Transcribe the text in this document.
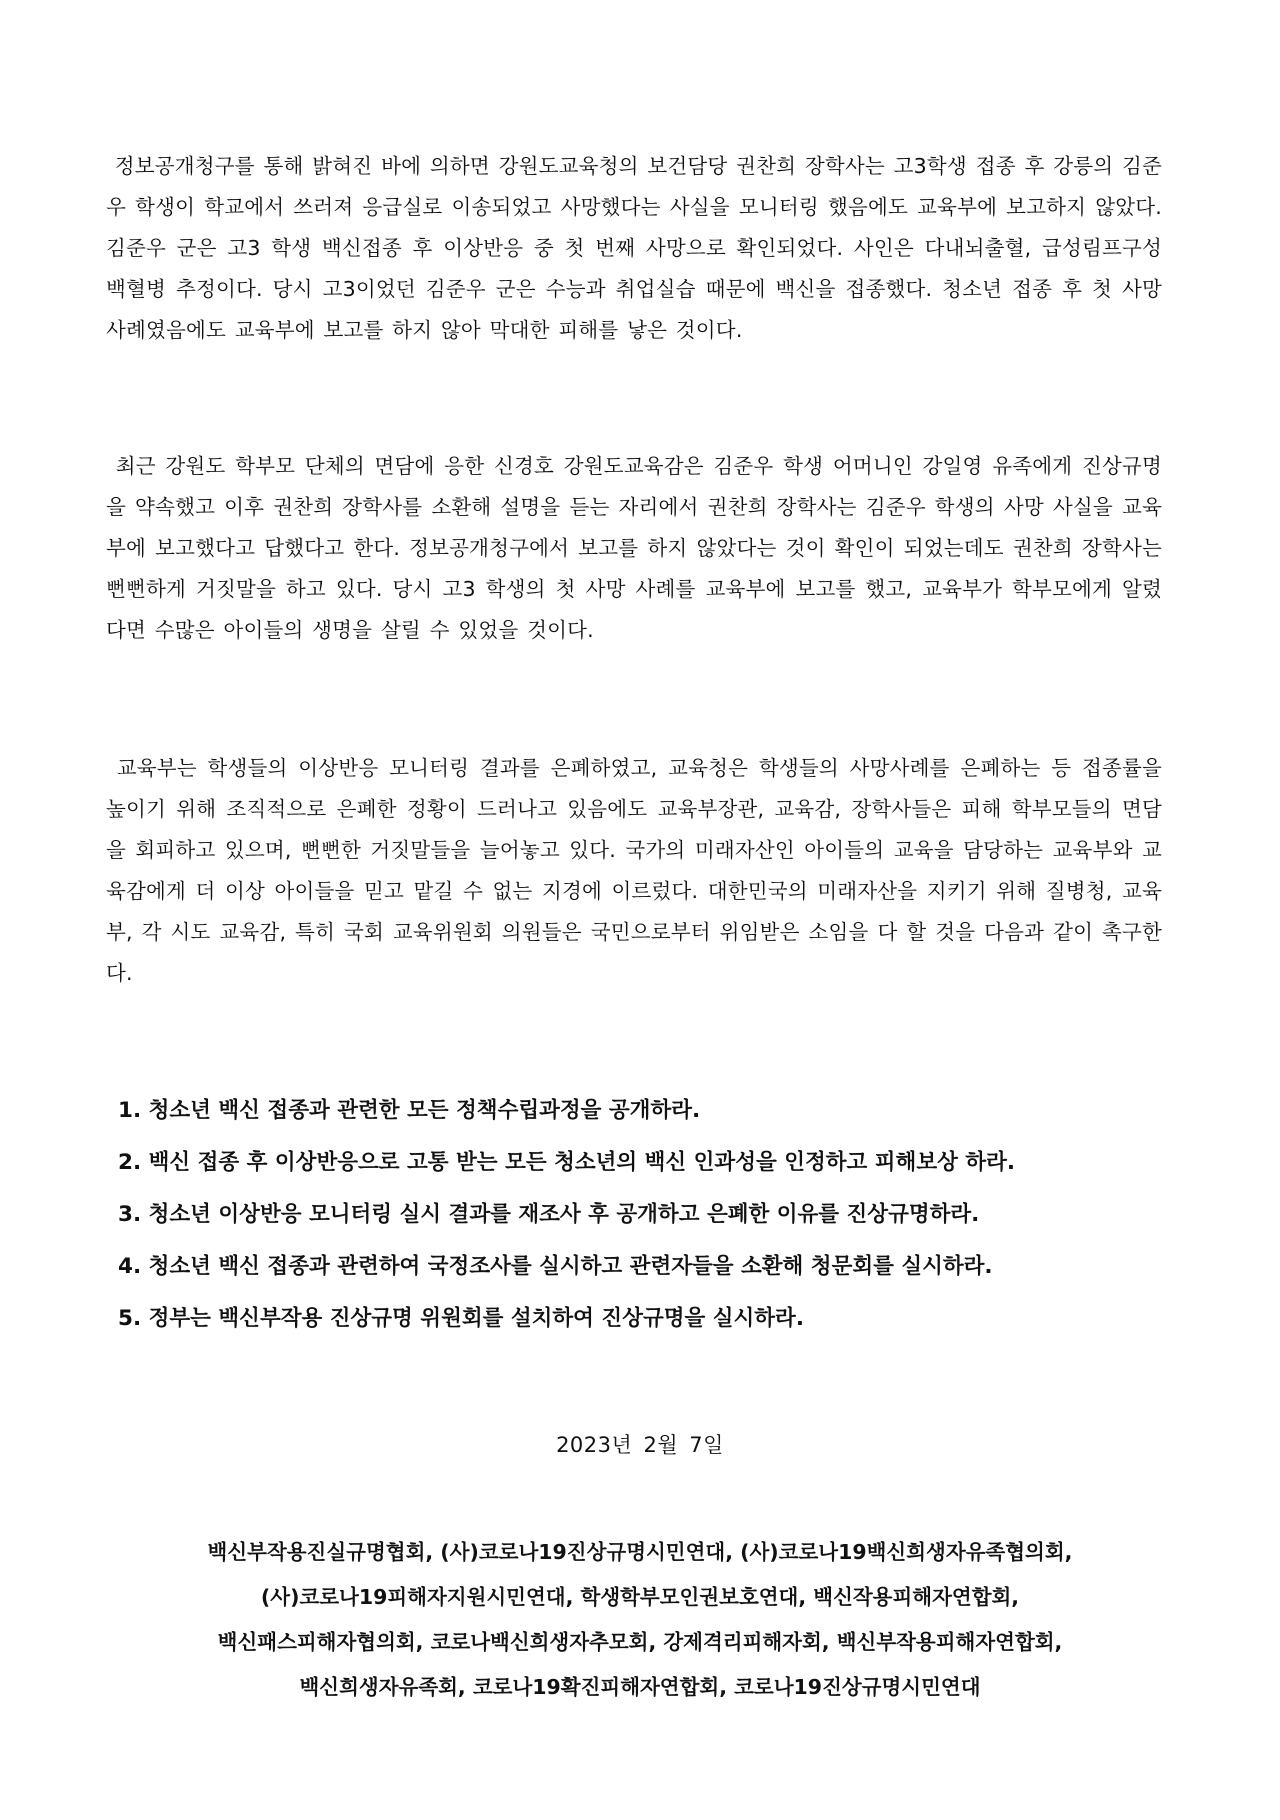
정보공개청구를 통해 밝혀진 바에 의하면 강원도교육청의 보건담당 권찬희 장학사는 고3학생 접종 후 강릉의 김준우 학생이 학교에서 쓰러져 응급실로 이송되었고 사망했다는 사실을 모니터링 했음에도 교육부에 보고하지 않았다. 김준우 군은 고3 학생 백신접종 후 이상반응 중 첫 번째 사망으로 확인되었다. 사인은 다내뇌출혈, 급성림프구성 백혈병 추정이다. 당시 고3이었던 김준우 군은 수능과 취업실습 때문에 백신을 접종했다. 청소년 접종 후 첫 사망사례였음에도 교육부에 보고를 하지 않아 막대한 피해를 낳은 것이다.

최근 강원도 학부모 단체의 면담에 응한 신경호 강원도교육감은 김준우 학생 어머니인 강일영 유족에게 진상규명을 약속했고 이후 권찬희 장학사를 소환해 설명을 듣는 자리에서 권찬희 장학사는 김준우 학생의 사망 사실을 교육부에 보고했다고 답했다고 한다. 정보공개청구에서 보고를 하지 않았다는 것이 확인이 되었는데도 권찬희 장학사는 뻔뻔하게 거짓말을 하고 있다. 당시 고3 학생의 첫 사망 사례를 교육부에 보고를 했고, 교육부가 학부모에게 알렸다면 수많은 아이들의 생명을 살릴 수 있었을 것이다.

교육부는 학생들의 이상반응 모니터링 결과를 은폐하였고, 교육청은 학생들의 사망사례를 은폐하는 등 접종률을 높이기 위해 조직적으로 은폐한 정황이 드러나고 있음에도 교육부장관, 교육감, 장학사들은 피해 학부모들의 면담을 회피하고 있으며, 뻔뻔한 거짓말들을 늘어놓고 있다. 국가의 미래자산인 아이들의 교육을 담당하는 교육부와 교육감에게 더 이상 아이들을 믿고 맡길 수 없는 지경에 이르렀다. 대한민국의 미래자산을 지키기 위해 질병청, 교육부, 각 시도 교육감, 특히 국회 교육위원회 의원들은 국민으로부터 위임받은 소임을 다 할 것을 다음과 같이 촉구한다.

1. 청소년 백신 접종과 관련한 모든 정책수립과정을 공개하라.
2. 백신 접종 후 이상반응으로 고통 받는 모든 청소년의 백신 인과성을 인정하고 피해보상 하라.
3. 청소년 이상반응 모니터링 실시 결과를 재조사 후 공개하고 은폐한 이유를 진상규명하라.
4. 청소년 백신 접종과 관련하여 국정조사를 실시하고 관련자들을 소환해 청문회를 실시하라.
5. 정부는 백신부작용 진상규명 위원회를 설치하여 진상규명을 실시하라.
2023년 2월 7일
백신부작용진실규명협회, (사)코로나19진상규명시민연대, (사)코로나19백신희생자유족협의회,
(사)코로나19피해자지원시민연대, 학생학부모인권보호연대, 백신작용피해자연합회,
백신패스피해자협의회, 코로나백신희생자추모회, 강제격리피해자회, 백신부작용피해자연합회,
백신희생자유족회, 코로나19확진피해자연합회, 코로나19진상규명시민연대
